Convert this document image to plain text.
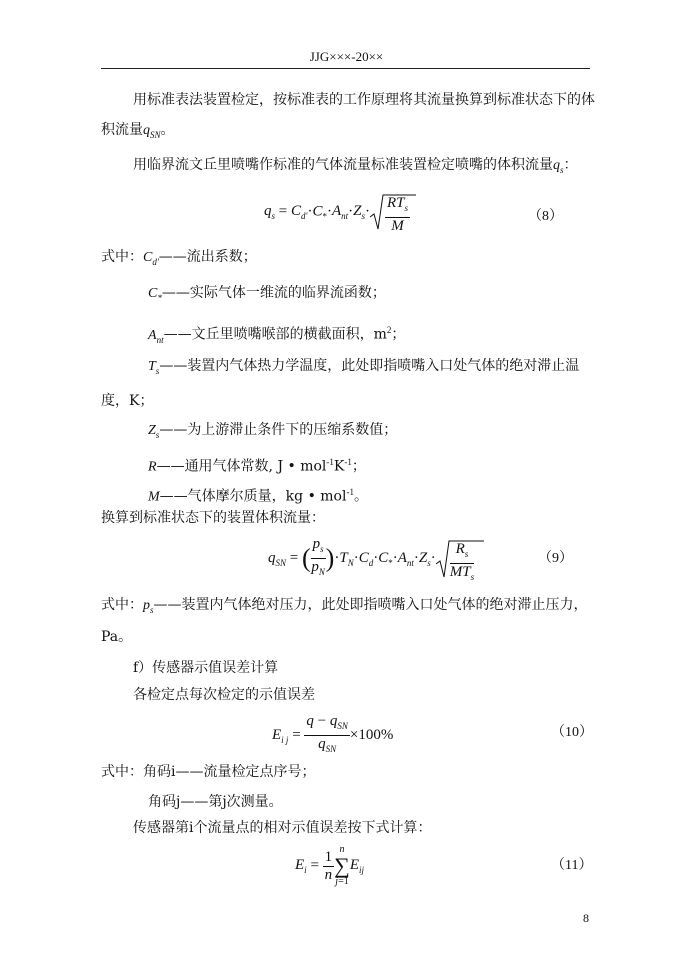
JJG×××-20××
用标准表法装置检定，按标准表的工作原理将其流量换算到标准状态下的体
积流量$q_{SN}$。
用临界流文丘里喷嘴作标准的气体流量标准装置检定喷嘴的体积流量$q_s$：
$q_s = C_{d'}\cdot C_*\cdot A_{nt}\cdot Z_s\cdot$
$RT_s$
M
（8）
式中：$C_{d'}——$流出系数；
$C_*——$实际气体一维流的临界流函数；
$A_{nt}——$文丘里喷嘴喉部的横截面积，$m^2$；
$T_s——$装置内气体热力学温度，此处即指喷嘴入口处气体的绝对滞止温
度，K；
$Z_s——$为上游滞止条件下的压缩系数值；
R——通用气体常数, J • $mol^{-1}K^{-1}$；
M——气体摩尔质量，kg • mol$^{-1}$。
换算到标准状态下的装置体积流量：
$q_{SN}$ = ( $\frac{p_s}{p_N} )\cdot T_N\cdot C_d\cdot C_*\cdot A_{nt}\cdot Z_s\cdot$
$R_s$
$MT_s$
（9）
式中：$p_s——$装置内气体绝对压力，此处即指喷嘴入口处气体的绝对滞止压力，
Pa。
f）传感器示值误差计算
各检定点每次检定的示值误差
$E_{i j} = \frac{q - q_{SN}}{q_{SN}} \times 100\%$	（10）
式中：角码i——流量检定点序号；
角码j——第j次测量。
传感器第i个流量点的相对示值误差按下式计算：
$E_i = \frac{1}{n}$ n
∑
$j=1E_{ij}$	（11）
8
